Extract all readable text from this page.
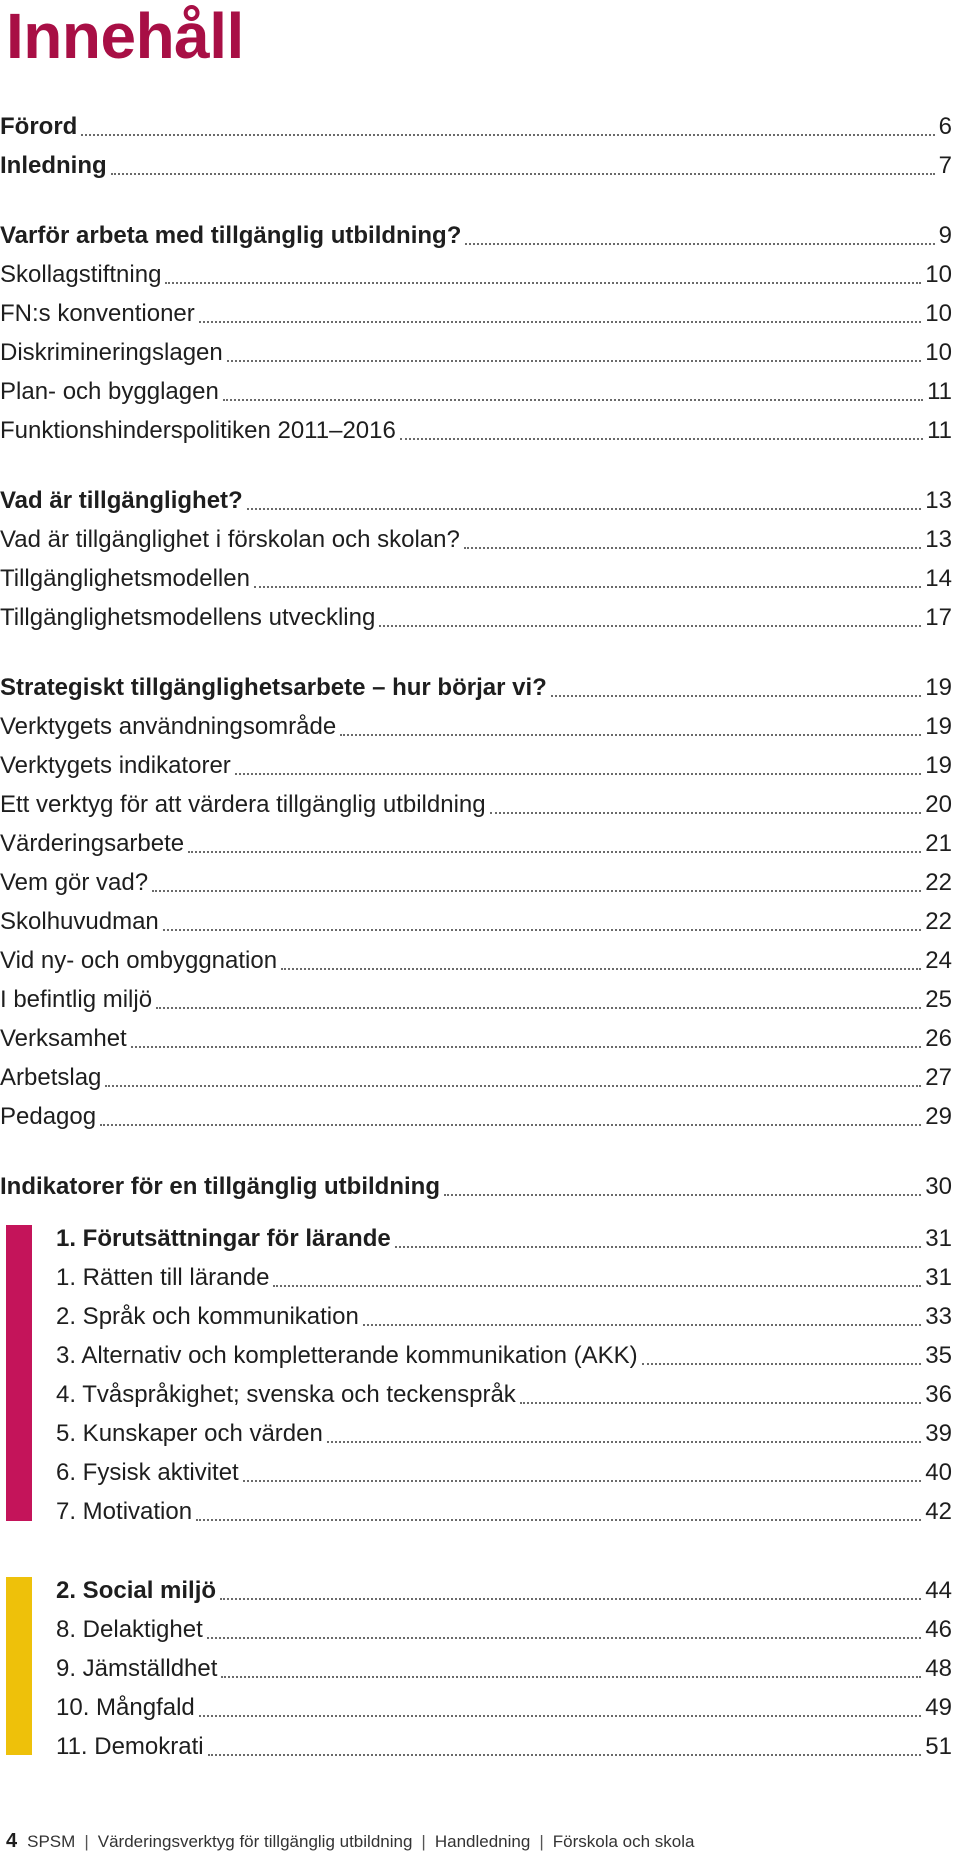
Innehåll
Förord	6
Inledning	7
Varför arbeta med tillgänglig utbildning?	9
Skollagstiftning	10
FN:s konventioner	10
Diskrimineringslagen	10
Plan- och bygglagen	11
Funktionshinderspolitiken 2011–2016	11
Vad är tillgänglighet?	13
Vad är tillgänglighet i förskolan och skolan?	13
Tillgänglighetsmodellen	14
Tillgänglighetsmodellens utveckling	17
Strategiskt tillgänglighetsarbete – hur börjar vi?	19
Verktygets användningsområde	19
Verktygets indikatorer	19
Ett verktyg för att värdera tillgänglig utbildning	20
Värderingsarbete	21
Vem gör vad?	22
Skolhuvudman	22
Vid ny- och ombyggnation	24
I befintlig miljö	25
Verksamhet	26
Arbetslag	27
Pedagog	29
Indikatorer för en tillgänglig utbildning	30
1. Förutsättningar för lärande	31
1. Rätten till lärande	31
2. Språk och kommunikation	33
3. Alternativ och kompletterande kommunikation (AKK)	35
4. Tvåspråkighet; svenska och teckenspråk	36
5. Kunskaper och värden	39
6. Fysisk aktivitet	40
7. Motivation	42
2. Social miljö	44
8. Delaktighet	46
9. Jämställdhet	48
10. Mångfald	49
11. Demokrati	51
4 SPSM | Värderingsverktyg för tillgänglig utbildning | Handledning | Förskola och skola
